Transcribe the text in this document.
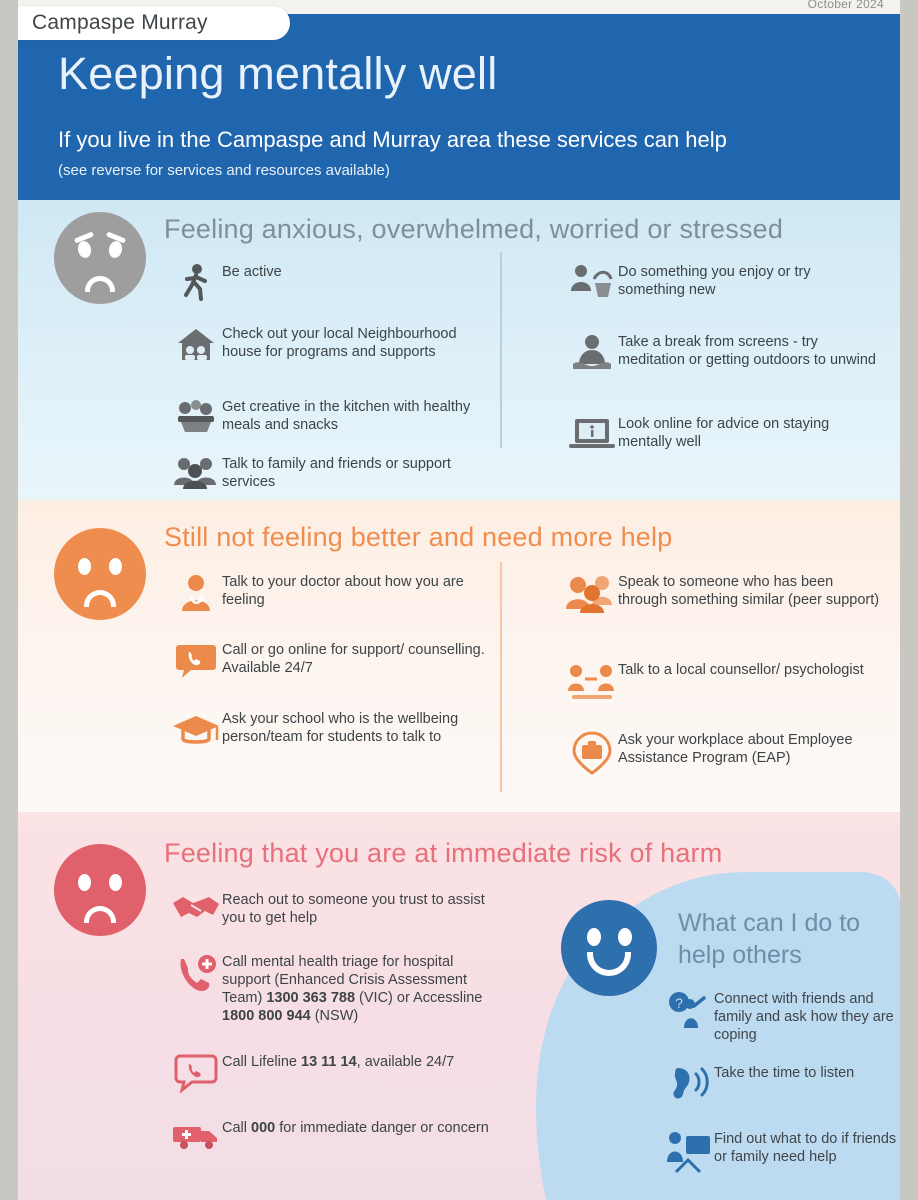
October 2024
Campaspe Murray
Keeping mentally well
If you live in the Campaspe and Murray area these services can help
(see reverse for services and resources available)
Feeling anxious, overwhelmed, worried or stressed
Be active
Check out your local Neighbourhood house for programs and supports
Get creative in the kitchen with healthy meals and snacks
Talk to family and friends or support services
Do something you enjoy or try something new
Take a break from screens - try meditation or getting outdoors to unwind
Look online for advice on staying mentally well
Still not feeling better and need more help
Talk to your doctor about how you are feeling
Call or go online for support/ counselling. Available 24/7
Ask your school who is the wellbeing person/team for students to talk to
Speak to someone who has been through something similar (peer support)
Talk to a local counsellor/ psychologist
Ask your workplace about Employee Assistance Program (EAP)
Feeling that you are at immediate risk of harm
What can I do to help others
? Connect with friends and family and ask how they are coping
Take the time to listen
Find out what to do if friends or family need help
Reach out to someone you trust to assist you to get help
Call mental health triage for hospital support (Enhanced Crisis Assessment Team) 1300 363 788 (VIC) or Accessline 1800 800 944 (NSW)
Call Lifeline 13 11 14, available 24/7
Call 000 for immediate danger or concern
